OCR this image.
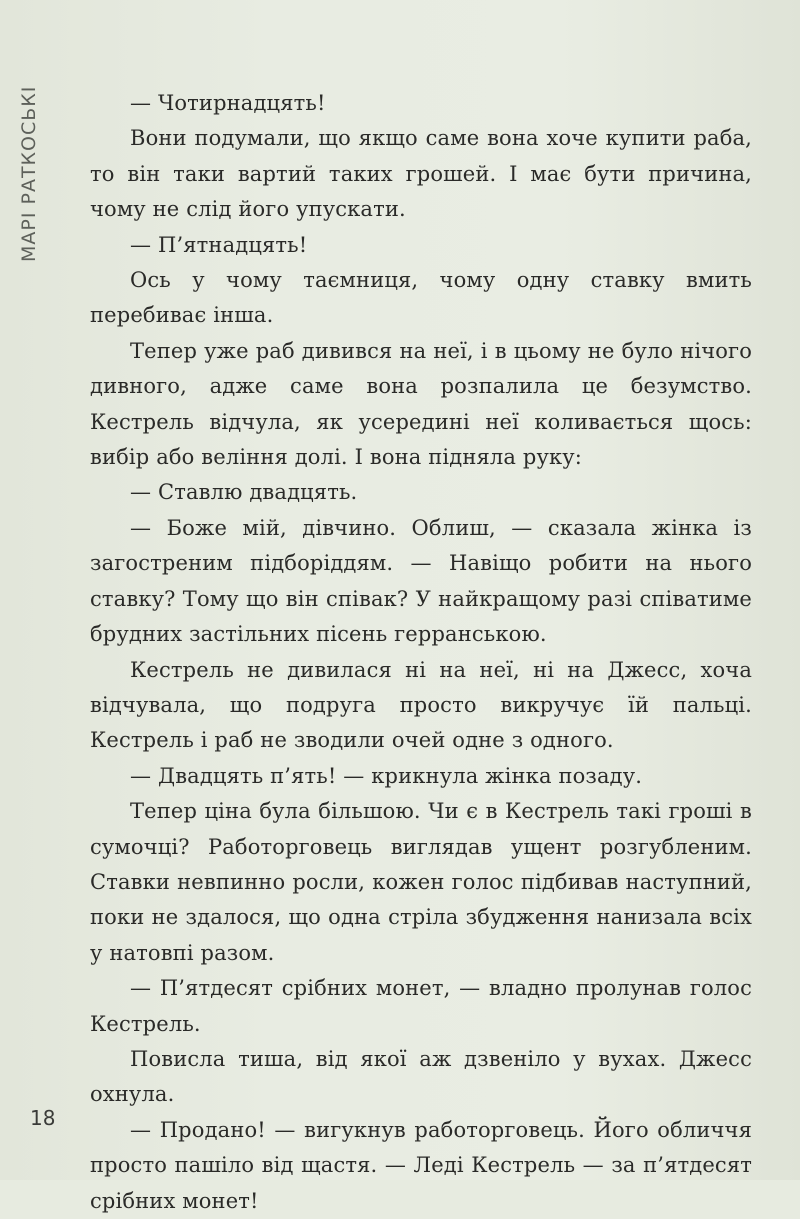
МАРІ РАТКОСЬКІ	— Чотирнадцять!

Вони подумали, що якщо саме вона хоче купити раба, то він таки вартий таких грошей. І має бути причина, чому не слід його упускати.

— П’ятнадцять!

Ось у чому таємниця, чому одну ставку вмить перебиває інша.

Тепер уже раб дивився на неї, і в цьому не було нічого дивного, адже саме вона розпалила це безумство. Кестрель відчула, як усередині неї коливається щось: вибір або веління долі. І вона підняла руку:

— Ставлю двадцять.

— Боже мій, дівчино. Облиш, — сказала жінка із загостреним підборіддям. — Навіщо робити на нього ставку? Тому що він співак? У найкращому разі співатиме брудних застільних пісень герранською.

Кестрель не дивилася ні на неї, ні на Джесс, хоча відчувала, що подруга просто викручує їй пальці. Кестрель і раб не зводили очей одне з одного.

— Двадцять п’ять! — крикнула жінка позаду.

Тепер ціна була більшою. Чи є в Кестрель такі гроші в сумочці? Работорговець виглядав ущент розгубленим. Ставки невпинно росли, кожен голос підбивав наступний, поки не здалося, що одна стріла збудження нанизала всіх у натовпі разом.

— П’ятдесят срібних монет, — владно пролунав голос Кестрель.

Повисла тиша, від якої аж дзвеніло у вухах. Джесс охнула.

— Продано! — вигукнув работорговець. Його обличчя просто пашіло від щастя. — Леді Кестрель — за п’ятдесят срібних монет!

18
